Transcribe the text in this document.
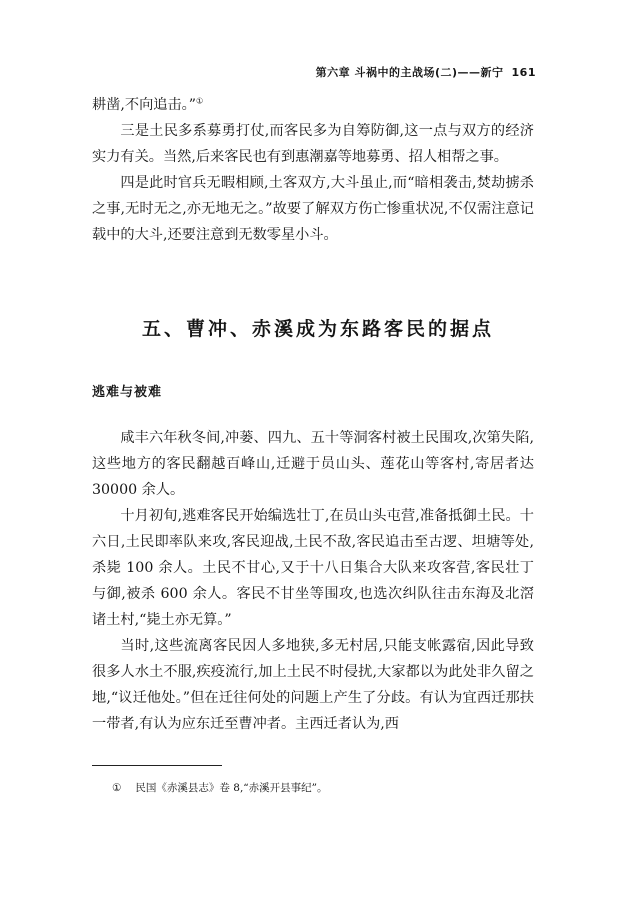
第六章 斗祸中的主战场(二)——新宁 161

耕凿,不向追击。”①

三是土民多系募勇打仗,而客民多为自筹防御,这一点与双方的经济实力有关。当然,后来客民也有到惠潮嘉等地募勇、招人相帮之事。

四是此时官兵无暇相顾,土客双方,大斗虽止,而“暗相袭击,焚劫掳杀之事,无时无之,亦无地无之。”故要了解双方伤亡惨重状况,不仅需注意记载中的大斗,还要注意到无数零星小斗。

五、曹冲、赤溪成为东路客民的据点
逃难与被难

咸丰六年秋冬间,冲蒌、四九、五十等洞客村被土民围攻,次第失陷,这些地方的客民翻越百峰山,迁避于员山头、莲花山等客村,寄居者达 30000 余人。

十月初旬,逃难客民开始编选壮丁,在员山头屯营,准备抵御土民。十六日,土民即率队来攻,客民迎战,土民不敌,客民追击至古逻、坦塘等处,杀毙 100 余人。土民不甘心,又于十八日集合大队来攻客营,客民壮丁与御,被杀 600 余人。客民不甘坐等围攻,也选次纠队往击东海及北滘诸土村,“毙土亦无算。”

当时,这些流离客民因人多地狭,多无村居,只能支帐露宿,因此导致很多人水土不服,疾疫流行,加上土民不时侵扰,大家都以为此处非久留之地,“议迁他处。”但在迁往何处的问题上产生了分歧。有认为宜西迁那扶一带者,有认为应东迁至曹冲者。主西迁者认为,西

① 民国《赤溪县志》卷 8,“赤溪开县事纪”。
